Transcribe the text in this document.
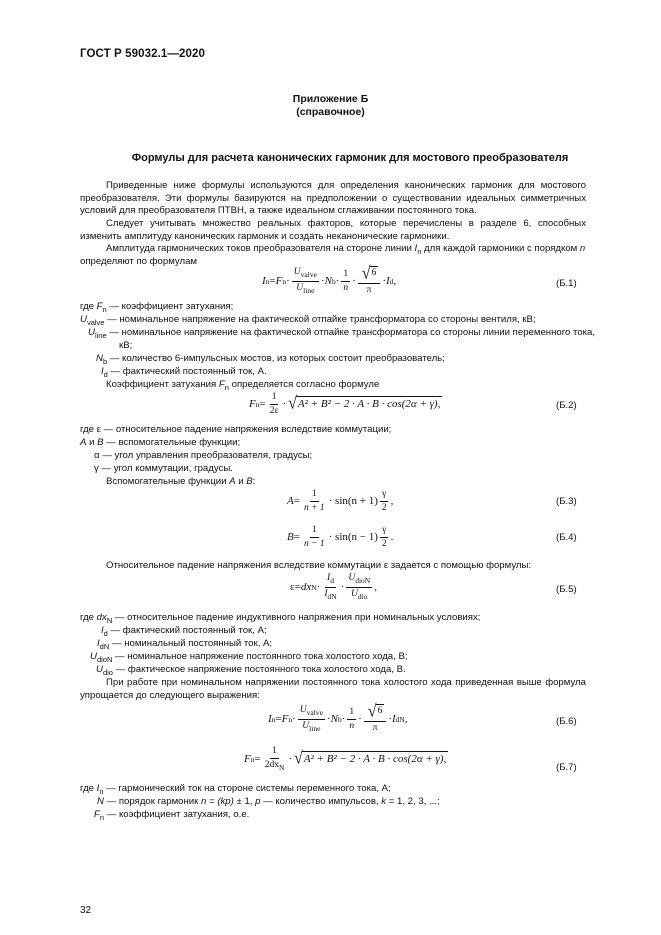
ГОСТ Р 59032.1—2020
Приложение Б
(справочное)
Формулы для расчета канонических гармоник для мостового преобразователя
Приведенные ниже формулы используются для определения канонических гармоник для мостового преобразователя. Эти формулы базируются на предположении о существовании идеальных симметричных условий для преобразователя ПТВН, а также идеальном сглаживании постоянного тока.
Следует учитывать множество реальных факторов, которые перечислены в разделе 6, способных изменить амплитуду канонических гармоник и создать неканонические гармоники.
Амплитуда гармонических токов преобразователя на стороне линии $I_n$ для каждой гармоники с порядком n
определяют по формулам
I n = F $n \cdot \frac{U_{valve}}{U_{line}} \cdot N$ $b \cdot \frac{1}{n} \cdot \frac{√ 6}{\pi} \cdot I$ d ,	(Б.1)
где $F_n$ — коэффициент затухания;
$U_{valve}$ — номинальное напряжение на фактической отпайке трансформатора со стороны вентиля, кВ;
$U_{line}$ — номинальное напряжение на фактической отпайке трансформатора со стороны линии переменного тока,
кВ;
$N_b$ — количество 6-импульсных мостов, из которых состоит преобразователь;
$I_d$ — фактический постоянный ток, А.
Коэффициент затухания $F_n$ определяется согласно формуле
F $n = \frac{1}{2\varepsilon}$ · √ A² + B² − 2 · A · B · cos(2α + γ),	(Б.2)
где ε — относительное падение напряжения вследствие коммутации;
A и B — вспомогательные функции;
α — угол управления преобразователя, градусы;
γ — угол коммутации, градусы.
Вспомогательные функции A и B:
$A = \frac{1}{n + 1} \cdot \sin(n + 1) \frac{\gamma}{2}$ ,	(Б.3)
$B = \frac{1}{n - 1} \cdot \sin(n - 1) \frac{\gamma}{2}$ .	(Б.4)
Относительное падение напряжения вследствие коммутации ε задается с помощью формулы:
ε = dx $N \cdot \frac{I_d}{I_{dN}} \cdot \frac{U_{dioN}}{U_{dio}}$ ,	(Б.5)
где $dx_N$ — относительное падение индуктивного напряжения при номинальных условиях;
$I_d$ — фактический постоянный ток, А;
$I_{dN}$ — номинальный постоянный ток, А;
$U_{dioN}$ — номинальное напряжение постоянного тока холостого хода, В;
$U_{dio}$ — фактическое напряжение постоянного тока холостого хода, В.
При работе при номинальном напряжении постоянного тока холостого хода приведенная выше формула упрощается до следующего выражения:
I n = F $n \cdot \frac{U_{valve}}{U_{line}} \cdot N$ $b \cdot \frac{1}{n} \cdot \frac{√ 6}{\pi} \cdot I$ dN ,	(Б.6)
F $n = \frac{1}{2dx_N}$ · √ A² + B² − 2 · A · B · cos(2α + γ),
(Б.7)
где $I_n$ — гармонический ток на стороне системы переменного тока, А;
N — порядок гармоник n = (kp) ± 1, p — количество импульсов, k = 1, 2, 3, ...;
$F_n$ — коэффициент затухания, о.е.
32
